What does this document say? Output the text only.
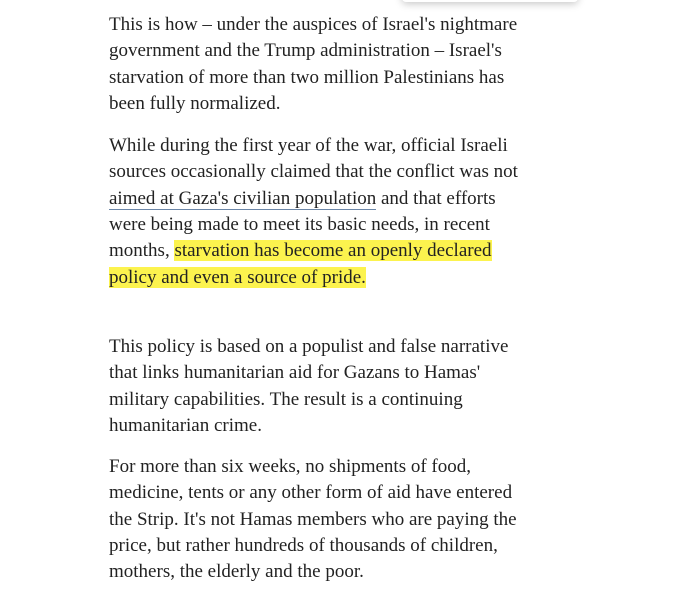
This is how – under the auspices of Israel's nightmare
government and the Trump administration – Israel's
starvation of more than two million Palestinians has
been fully normalized.

While during the first year of the war, official Israeli
sources occasionally claimed that the conflict was not
aimed at Gaza's civilian population and that efforts
were being made to meet its basic needs, in recent
months, starvation has become an openly declared
policy and even a source of pride.

This policy is based on a populist and false narrative
that links humanitarian aid for Gazans to Hamas'
military capabilities. The result is a continuing
humanitarian crime.

For more than six weeks, no shipments of food,
medicine, tents or any other form of aid have entered
the Strip. It's not Hamas members who are paying the
price, but rather hundreds of thousands of children,
mothers, the elderly and the poor.
